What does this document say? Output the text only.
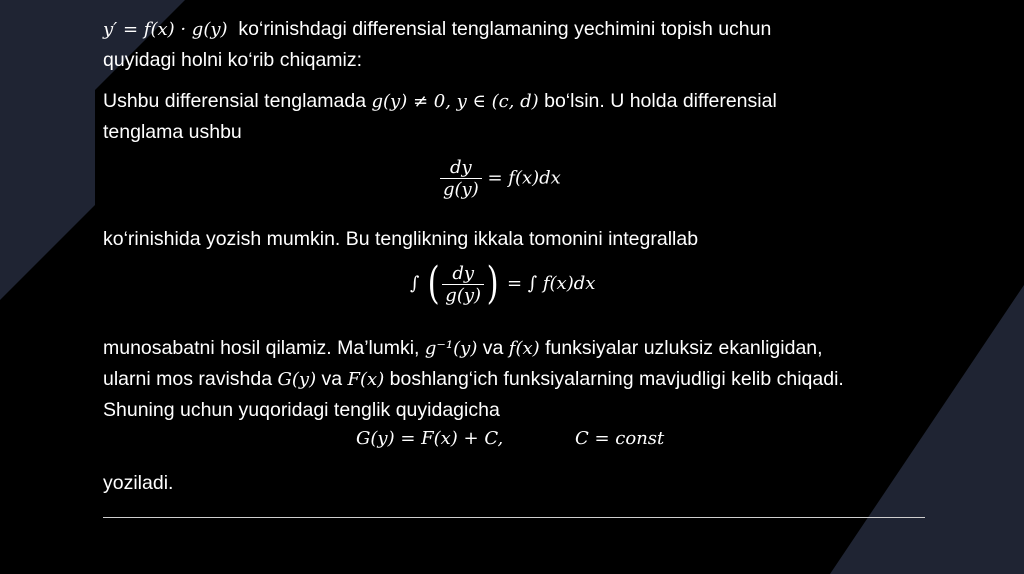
y′ = f(x) · g(y) ko‘rinishdagi differensial tenglamaning yechimini topish uchun
quyidagi holni ko‘rib chiqamiz:
Ushbu differensial tenglamada g(y) ≠ 0, y ∈ (c, d) bo‘lsin. U holda differensial
tenglama ushbu
$\frac{dy}{g(y)} = f(x)dx$
ko‘rinishida yozish mumkin. Bu tenglikning ikkala tomonini integrallab
∫ ( $\frac{dy}{g(y)}$ ) = ∫ f(x)dx
munosabatni hosil qilamiz. Ma’lumki, g⁻¹(y) va f(x) funksiyalar uzluksiz ekanligidan,
ularni mos ravishda G(y) va F(x) boshlang‘ich funksiyalarning mavjudligi kelib chiqadi.
Shuning uchun yuqoridagi tenglik quyidagicha
G(y) = F(x) + C,	C = const
yoziladi.
